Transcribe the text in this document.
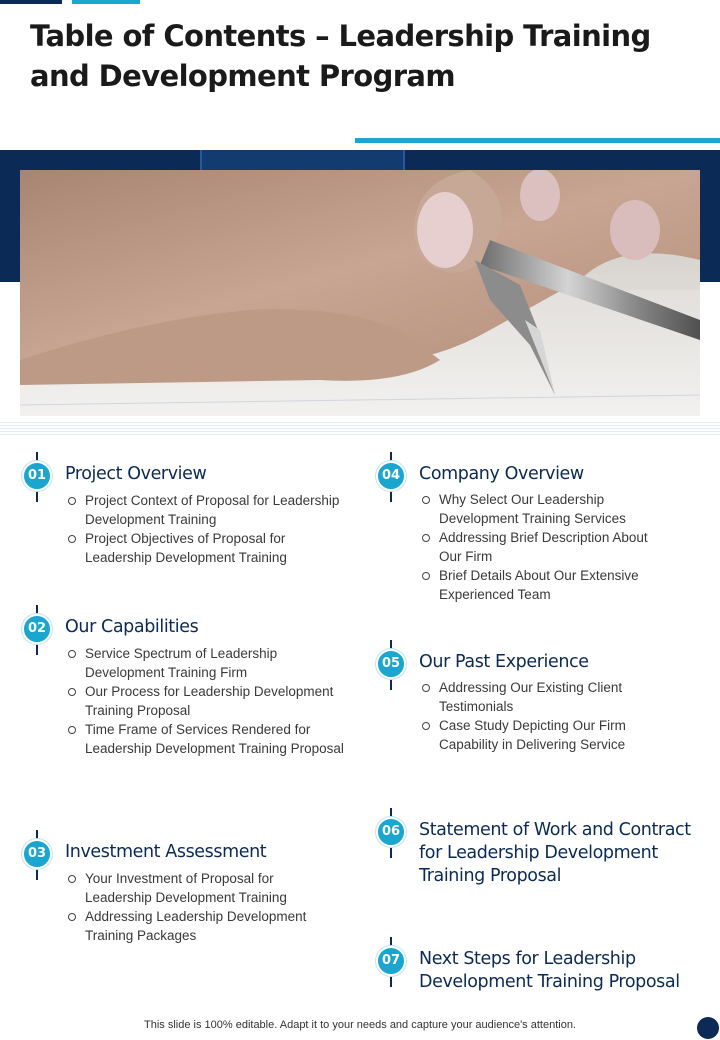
Table of Contents – Leadership Training and Development Program
01	Project Overview
Project Context of Proposal for Leadership Development Training
Project Objectives of Proposal for Leadership Development Training
02	Our Capabilities
Service Spectrum of Leadership Development Training Firm
Our Process for Leadership Development Training Proposal
Time Frame of Services Rendered for Leadership Development Training Proposal
03	Investment Assessment
Your Investment of Proposal for Leadership Development Training
Addressing Leadership Development Training Packages
04	Company Overview
Why Select Our Leadership Development Training Services
Addressing Brief Description About Our Firm
Brief Details About Our Extensive Experienced Team
05	Our Past Experience
Addressing Our Existing Client Testimonials
Case Study Depicting Our Firm Capability in Delivering Service
06	Statement of Work and Contract for Leadership Development Training Proposal
07	Next Steps for Leadership Development Training Proposal
This slide is 100% editable. Adapt it to your needs and capture your audience's attention.
